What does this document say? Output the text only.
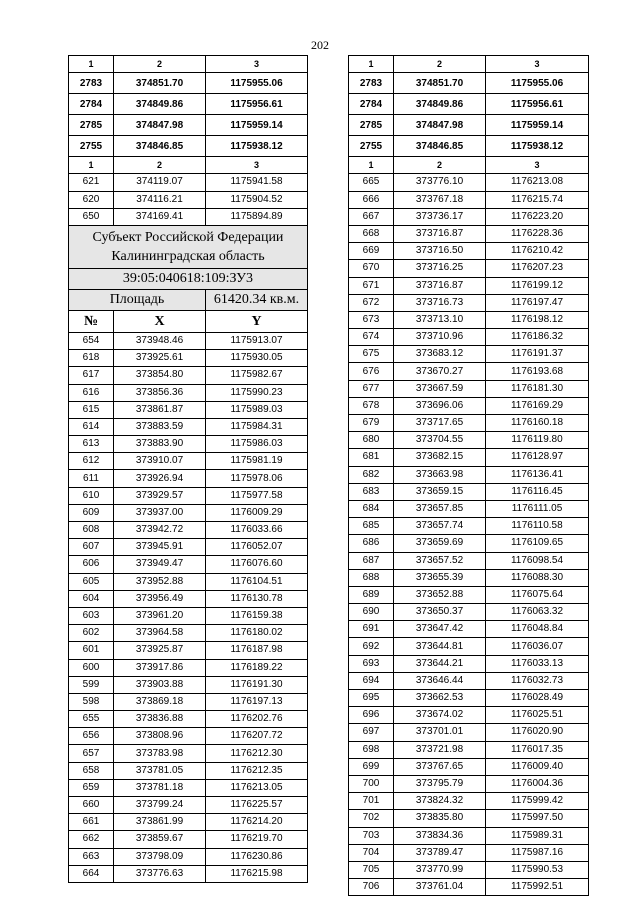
202
1	2	3
2783	374851.70	1175955.06
2784	374849.86	1175956.61
2785	374847.98	1175959.14
2755	374846.85	1175938.12
1	2	3
621	374119.07	1175941.58
620	374116.21	1175904.52
650	374169.41	1175894.89
Субъект Российской Федерации Калининградская область		
39:05:040618:109:ЗУ3		
Площадь		61420.34 кв.м.
№	X	Y
654	373948.46	1175913.07
618	373925.61	1175930.05
617	373854.80	1175982.67
616	373856.36	1175990.23
615	373861.87	1175989.03
614	373883.59	1175984.31
613	373883.90	1175986.03
612	373910.07	1175981.19
611	373926.94	1175978.06
610	373929.57	1175977.58
609	373937.00	1176009.29
608	373942.72	1176033.66
607	373945.91	1176052.07
606	373949.47	1176076.60
605	373952.88	1176104.51
604	373956.49	1176130.78
603	373961.20	1176159.38
602	373964.58	1176180.02
601	373925.87	1176187.98
600	373917.86	1176189.22
599	373903.88	1176191.30
598	373869.18	1176197.13
655	373836.88	1176202.76
656	373808.96	1176207.72
657	373783.98	1176212.30
658	373781.05	1176212.35
659	373781.18	1176213.05
660	373799.24	1176225.57
661	373861.99	1176214.20
662	373859.67	1176219.70
663	373798.09	1176230.86
664	373776.63	1176215.98
1	2	3
2783	374851.70	1175955.06
2784	374849.86	1175956.61
2785	374847.98	1175959.14
2755	374846.85	1175938.12
1	2	3
665	373776.10	1176213.08
666	373767.18	1176215.74
667	373736.17	1176223.20
668	373716.87	1176228.36
669	373716.50	1176210.42
670	373716.25	1176207.23
671	373716.87	1176199.12
672	373716.73	1176197.47
673	373713.10	1176198.12
674	373710.96	1176186.32
675	373683.12	1176191.37
676	373670.27	1176193.68
677	373667.59	1176181.30
678	373696.06	1176169.29
679	373717.65	1176160.18
680	373704.55	1176119.80
681	373682.15	1176128.97
682	373663.98	1176136.41
683	373659.15	1176116.45
684	373657.85	1176111.05
685	373657.74	1176110.58
686	373659.69	1176109.65
687	373657.52	1176098.54
688	373655.39	1176088.30
689	373652.88	1176075.64
690	373650.37	1176063.32
691	373647.42	1176048.84
692	373644.81	1176036.07
693	373644.21	1176033.13
694	373646.44	1176032.73
695	373662.53	1176028.49
696	373674.02	1176025.51
697	373701.01	1176020.90
698	373721.98	1176017.35
699	373767.65	1176009.40
700	373795.79	1176004.36
701	373824.32	1175999.42
702	373835.80	1175997.50
703	373834.36	1175989.31
704	373789.47	1175987.16
705	373770.99	1175990.53
706	373761.04	1175992.51
